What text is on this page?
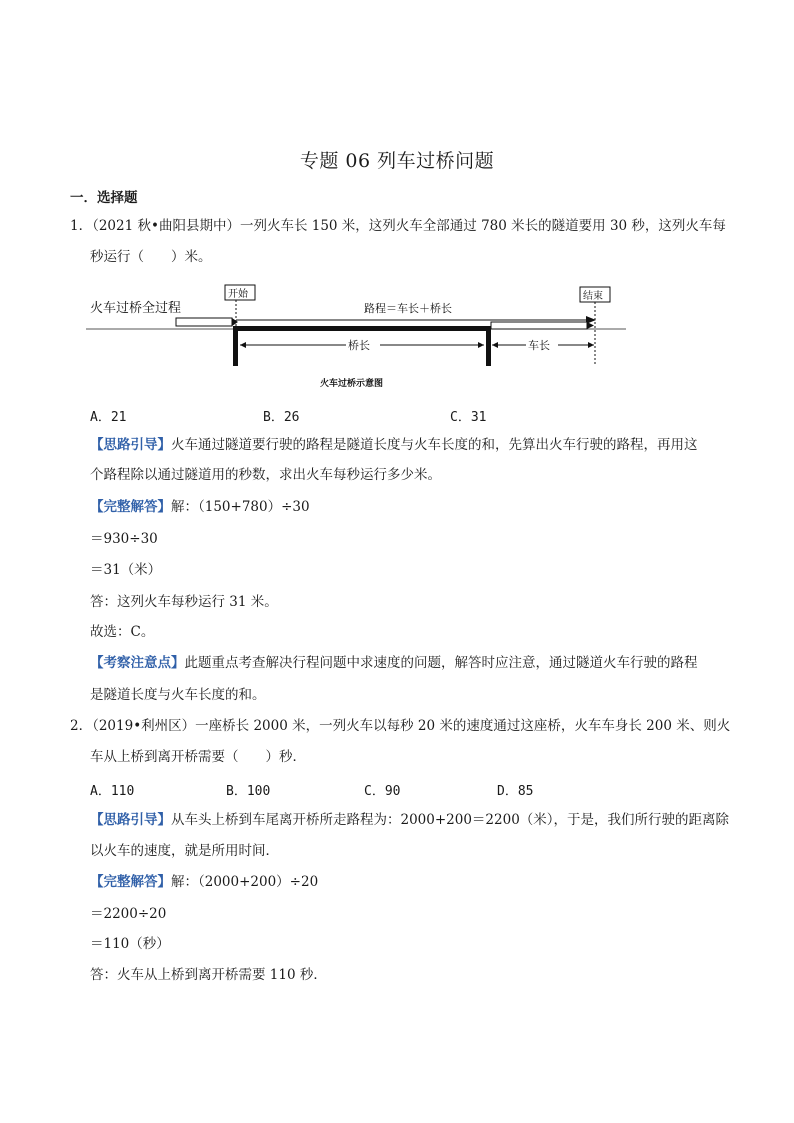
专题 06 列车过桥问题
一．选择题
1．（2021 秋•曲阳县期中）一列火车长 150 米，这列火车全部通过 780 米长的隧道要用 30 秒，这列火车每
秒运行（　　）米。
火车过桥全过程
开始	结束
路程＝车长＋桥长
桥长	车长
火车过桥示意图
A．21	B．26	C．31
【思路引导】火车通过隧道要行驶的路程是隧道长度与火车长度的和，先算出火车行驶的路程，再用这
个路程除以通过隧道用的秒数，求出火车每秒运行多少米。
【完整解答】解：（150+780）÷30
＝930÷30
＝31（米）
答：这列火车每秒运行 31 米。
故选：C。
【考察注意点】此题重点考查解决行程问题中求速度的问题，解答时应注意，通过隧道火车行驶的路程
是隧道长度与火车长度的和。
2．（2019•利州区）一座桥长 2000 米，一列火车以每秒 20 米的速度通过这座桥，火车车身长 200 米、则火
车从上桥到离开桥需要（　　）秒．
A．110	B．100	C．90	D．85
【思路引导】从车头上桥到车尾离开桥所走路程为：2000+200＝2200（米），于是，我们所行驶的距离除
以火车的速度，就是所用时间．
【完整解答】解：（2000+200）÷20
＝2200÷20
＝110（秒）
答：火车从上桥到离开桥需要 110 秒．
